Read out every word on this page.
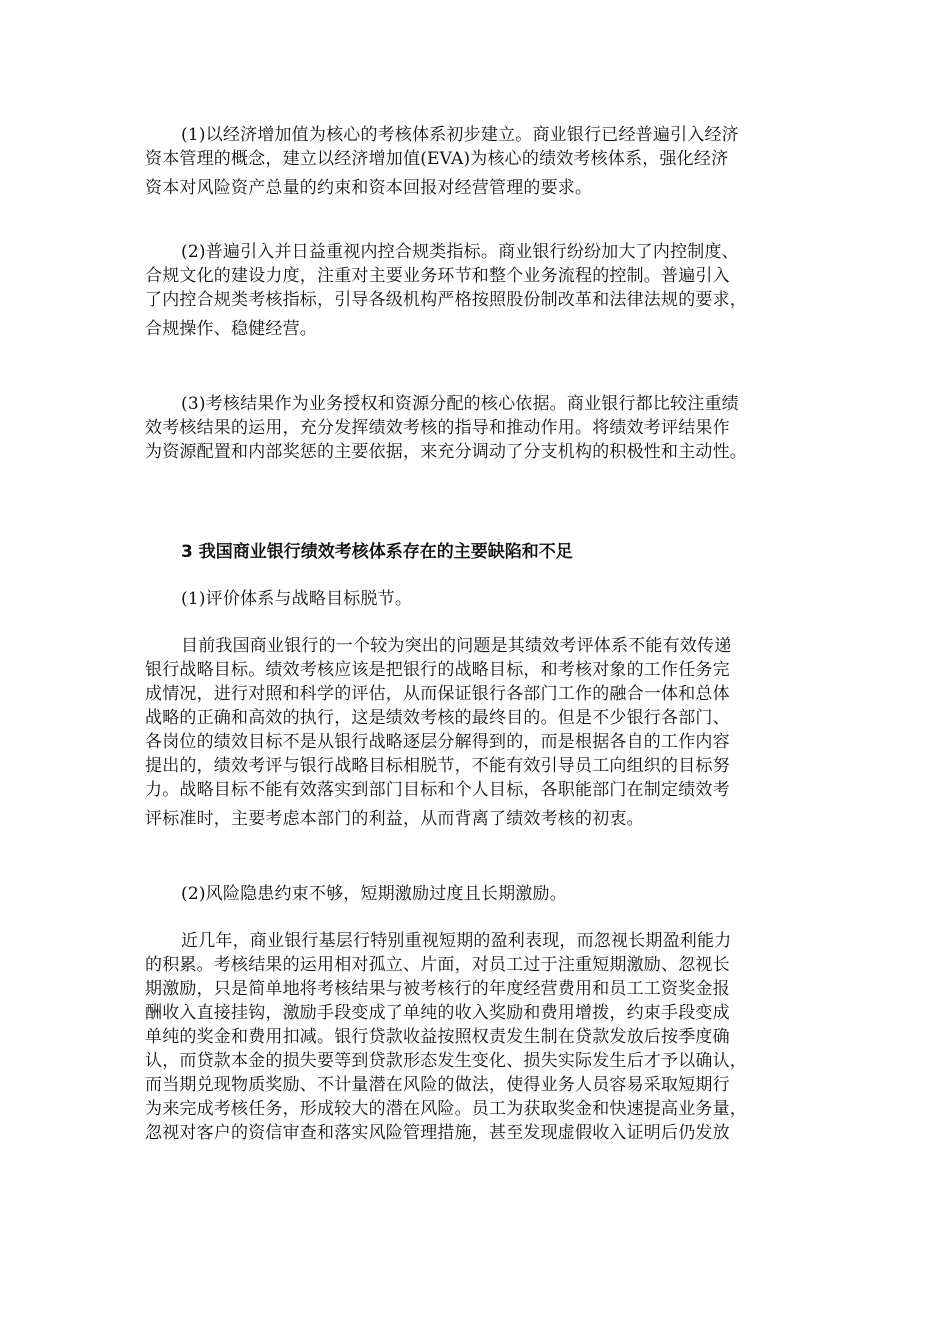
(1)以经济增加值为核心的考核体系初步建立。商业银行已经普遍引入经济
资本管理的概念，建立以经济增加值(EVA)为核心的绩效考核体系，强化经济
资本对风险资产总量的约束和资本回报对经营管理的要求。
(2)普遍引入并日益重视内控合规类指标。商业银行纷纷加大了内控制度、
合规文化的建设力度，注重对主要业务环节和整个业务流程的控制。普遍引入
了内控合规类考核指标，引导各级机构严格按照股份制改革和法律法规的要求，
合规操作、稳健经营。
(3)考核结果作为业务授权和资源分配的核心依据。商业银行都比较注重绩
效考核结果的运用，充分发挥绩效考核的指导和推动作用。将绩效考评结果作
为资源配置和内部奖惩的主要依据，来充分调动了分支机构的积极性和主动性。
3 我国商业银行绩效考核体系存在的主要缺陷和不足
(1)评价体系与战略目标脱节。
目前我国商业银行的一个较为突出的问题是其绩效考评体系不能有效传递
银行战略目标。绩效考核应该是把银行的战略目标，和考核对象的工作任务完
成情况，进行对照和科学的评估，从而保证银行各部门工作的融合一体和总体
战略的正确和高效的执行，这是绩效考核的最终目的。但是不少银行各部门、
各岗位的绩效目标不是从银行战略逐层分解得到的，而是根据各自的工作内容
提出的，绩效考评与银行战略目标相脱节，不能有效引导员工向组织的目标努
力。战略目标不能有效落实到部门目标和个人目标，各职能部门在制定绩效考
评标准时，主要考虑本部门的利益，从而背离了绩效考核的初衷。
(2)风险隐患约束不够，短期激励过度且长期激励。
近几年，商业银行基层行特别重视短期的盈利表现，而忽视长期盈利能力
的积累。考核结果的运用相对孤立、片面，对员工过于注重短期激励、忽视长
期激励，只是简单地将考核结果与被考核行的年度经营费用和员工工资奖金报
酬收入直接挂钩，激励手段变成了单纯的收入奖励和费用增拨，约束手段变成
单纯的奖金和费用扣减。银行贷款收益按照权责发生制在贷款发放后按季度确
认，而贷款本金的损失要等到贷款形态发生变化、损失实际发生后才予以确认，
而当期兑现物质奖励、不计量潜在风险的做法，使得业务人员容易采取短期行
为来完成考核任务，形成较大的潜在风险。员工为获取奖金和快速提高业务量，
忽视对客户的资信审查和落实风险管理措施，甚至发现虚假收入证明后仍发放
